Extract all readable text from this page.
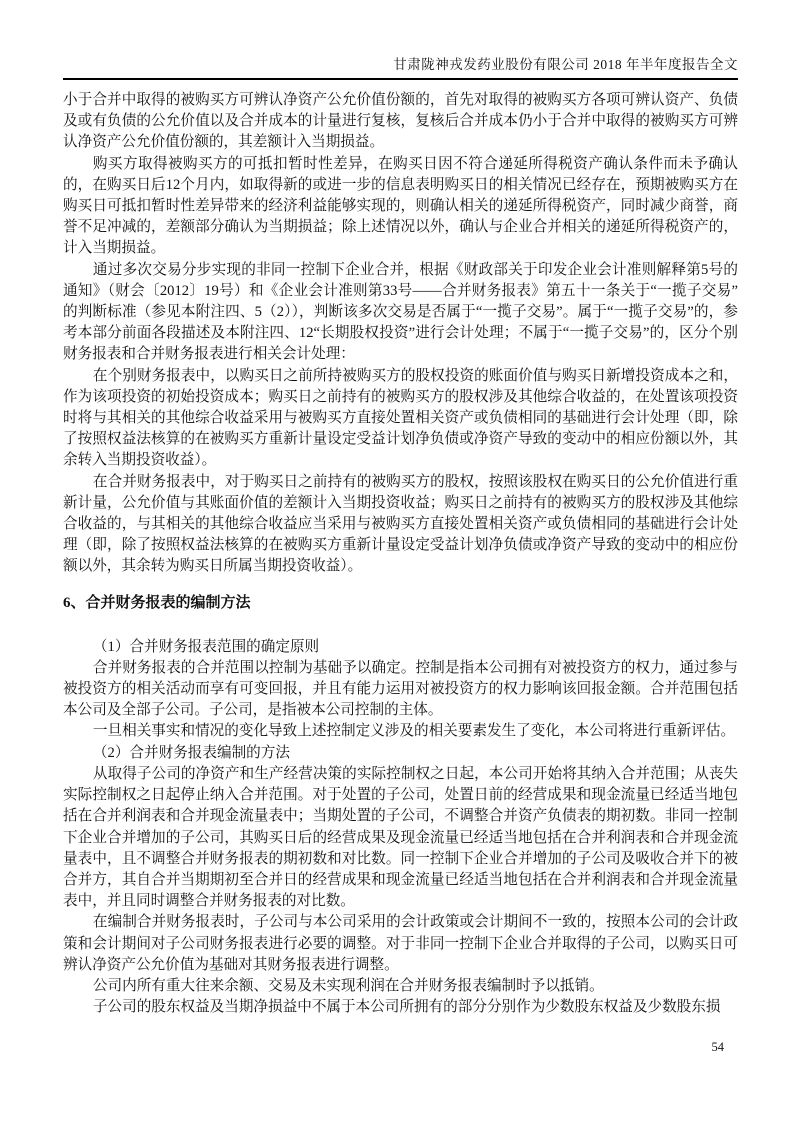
甘肃陇神戎发药业股份有限公司 2018 年半年度报告全文

小于合并中取得的被购买方可辨认净资产公允价值份额的，首先对取得的被购买方各项可辨认资产、负债及或有负债的公允价值以及合并成本的计量进行复核，复核后合并成本仍小于合并中取得的被购买方可辨认净资产公允价值份额的，其差额计入当期损益。

购买方取得被购买方的可抵扣暂时性差异，在购买日因不符合递延所得税资产确认条件而未予确认的，在购买日后12个月内，如取得新的或进一步的信息表明购买日的相关情况已经存在，预期被购买方在购买日可抵扣暂时性差异带来的经济利益能够实现的，则确认相关的递延所得税资产，同时减少商誉，商誉不足冲减的，差额部分确认为当期损益；除上述情况以外，确认与企业合并相关的递延所得税资产的，计入当期损益。

通过多次交易分步实现的非同一控制下企业合并，根据《财政部关于印发企业会计准则解释第5号的通知》（财会〔2012〕19号）和《企业会计准则第33号——合并财务报表》第五十一条关于“一揽子交易”的判断标准（参见本附注四、5（2）），判断该多次交易是否属于“一揽子交易”。属于“一揽子交易”的，参考本部分前面各段描述及本附注四、12“长期股权投资”进行会计处理；不属于“一揽子交易”的，区分个别财务报表和合并财务报表进行相关会计处理：

在个别财务报表中，以购买日之前所持被购买方的股权投资的账面价值与购买日新增投资成本之和，作为该项投资的初始投资成本；购买日之前持有的被购买方的股权涉及其他综合收益的，在处置该项投资时将与其相关的其他综合收益采用与被购买方直接处置相关资产或负债相同的基础进行会计处理（即，除了按照权益法核算的在被购买方重新计量设定受益计划净负债或净资产导致的变动中的相应份额以外，其余转入当期投资收益）。

在合并财务报表中，对于购买日之前持有的被购买方的股权，按照该股权在购买日的公允价值进行重新计量，公允价值与其账面价值的差额计入当期投资收益；购买日之前持有的被购买方的股权涉及其他综合收益的，与其相关的其他综合收益应当采用与被购买方直接处置相关资产或负债相同的基础进行会计处理（即，除了按照权益法核算的在被购买方重新计量设定受益计划净负债或净资产导致的变动中的相应份额以外，其余转为购买日所属当期投资收益）。

6、合并财务报表的编制方法

（1）合并财务报表范围的确定原则

合并财务报表的合并范围以控制为基础予以确定。控制是指本公司拥有对被投资方的权力，通过参与被投资方的相关活动而享有可变回报，并且有能力运用对被投资方的权力影响该回报金额。合并范围包括本公司及全部子公司。子公司，是指被本公司控制的主体。

一旦相关事实和情况的变化导致上述控制定义涉及的相关要素发生了变化，本公司将进行重新评估。

（2）合并财务报表编制的方法

从取得子公司的净资产和生产经营决策的实际控制权之日起，本公司开始将其纳入合并范围；从丧失实际控制权之日起停止纳入合并范围。对于处置的子公司，处置日前的经营成果和现金流量已经适当地包括在合并利润表和合并现金流量表中；当期处置的子公司，不调整合并资产负债表的期初数。非同一控制下企业合并增加的子公司，其购买日后的经营成果及现金流量已经适当地包括在合并利润表和合并现金流量表中，且不调整合并财务报表的期初数和对比数。同一控制下企业合并增加的子公司及吸收合并下的被合并方，其自合并当期期初至合并日的经营成果和现金流量已经适当地包括在合并利润表和合并现金流量表中，并且同时调整合并财务报表的对比数。

在编制合并财务报表时，子公司与本公司采用的会计政策或会计期间不一致的，按照本公司的会计政策和会计期间对子公司财务报表进行必要的调整。对于非同一控制下企业合并取得的子公司，以购买日可辨认净资产公允价值为基础对其财务报表进行调整。

公司内所有重大往来余额、交易及未实现利润在合并财务报表编制时予以抵销。

子公司的股东权益及当期净损益中不属于本公司所拥有的部分分别作为少数股东权益及少数股东损

54
